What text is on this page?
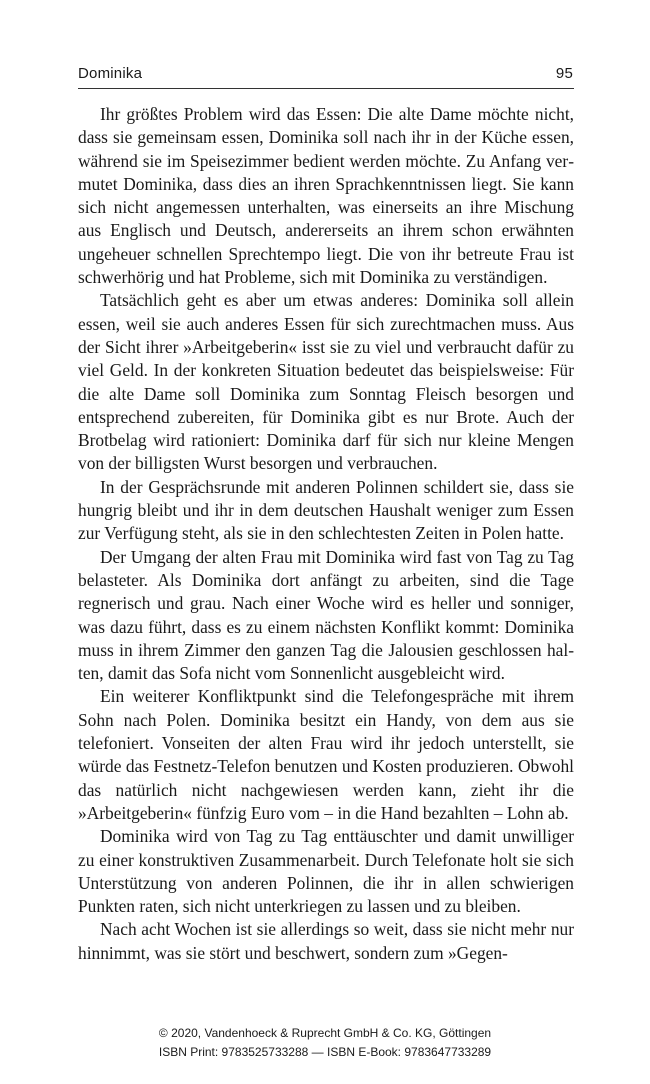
Dominika	95

Ihr größtes Problem wird das Essen: Die alte Dame möchte nicht, dass sie gemeinsam essen, Dominika soll nach ihr in der Küche essen, während sie im Speisezimmer bedient werden möchte. Zu Anfang vermutet Dominika, dass dies an ihren Sprachkenntnissen liegt. Sie kann sich nicht angemessen unterhalten, was einerseits an ihre Mischung aus Englisch und Deutsch, andererseits an ihrem schon erwähnten ungeheuer schnellen Sprechtempo liegt. Die von ihr betreute Frau ist schwerhörig und hat Probleme, sich mit Dominika zu verständigen.

Tatsächlich geht es aber um etwas anderes: Dominika soll allein essen, weil sie auch anderes Essen für sich zurechtmachen muss. Aus der Sicht ihrer »Arbeitgeberin« isst sie zu viel und verbraucht dafür zu viel Geld. In der konkreten Situation bedeutet das beispielsweise: Für die alte Dame soll Dominika zum Sonntag Fleisch besorgen und entsprechend zubereiten, für Dominika gibt es nur Brote. Auch der Brotbelag wird rationiert: Dominika darf für sich nur kleine Mengen von der billigsten Wurst besorgen und verbrauchen.

In der Gesprächsrunde mit anderen Polinnen schildert sie, dass sie hungrig bleibt und ihr in dem deutschen Haushalt weniger zum Essen zur Verfügung steht, als sie in den schlechtesten Zeiten in Polen hatte.

Der Umgang der alten Frau mit Dominika wird fast von Tag zu Tag belasteter. Als Dominika dort anfängt zu arbeiten, sind die Tage regnerisch und grau. Nach einer Woche wird es heller und sonniger, was dazu führt, dass es zu einem nächsten Konflikt kommt: Dominika muss in ihrem Zimmer den ganzen Tag die Jalousien geschlossen halten, damit das Sofa nicht vom Sonnenlicht ausgebleicht wird.

Ein weiterer Konfliktpunkt sind die Telefongespräche mit ihrem Sohn nach Polen. Dominika besitzt ein Handy, von dem aus sie telefoniert. Vonseiten der alten Frau wird ihr jedoch unterstellt, sie würde das Festnetz-Telefon benutzen und Kosten produzieren. Obwohl das natürlich nicht nachgewiesen werden kann, zieht ihr die »Arbeitgeberin« fünfzig Euro vom – in die Hand bezahlten – Lohn ab.

Dominika wird von Tag zu Tag enttäuschter und damit unwilliger zu einer konstruktiven Zusammenarbeit. Durch Telefonate holt sie sich Unterstützung von anderen Polinnen, die ihr in allen schwierigen Punkten raten, sich nicht unterkriegen zu lassen und zu bleiben.

Nach acht Wochen ist sie allerdings so weit, dass sie nicht mehr nur hinnimmt, was sie stört und beschwert, sondern zum »Gegen-

© 2020, Vandenhoeck & Ruprecht GmbH & Co. KG, Göttingen
ISBN Print: 9783525733288 — ISBN E-Book: 9783647733289
